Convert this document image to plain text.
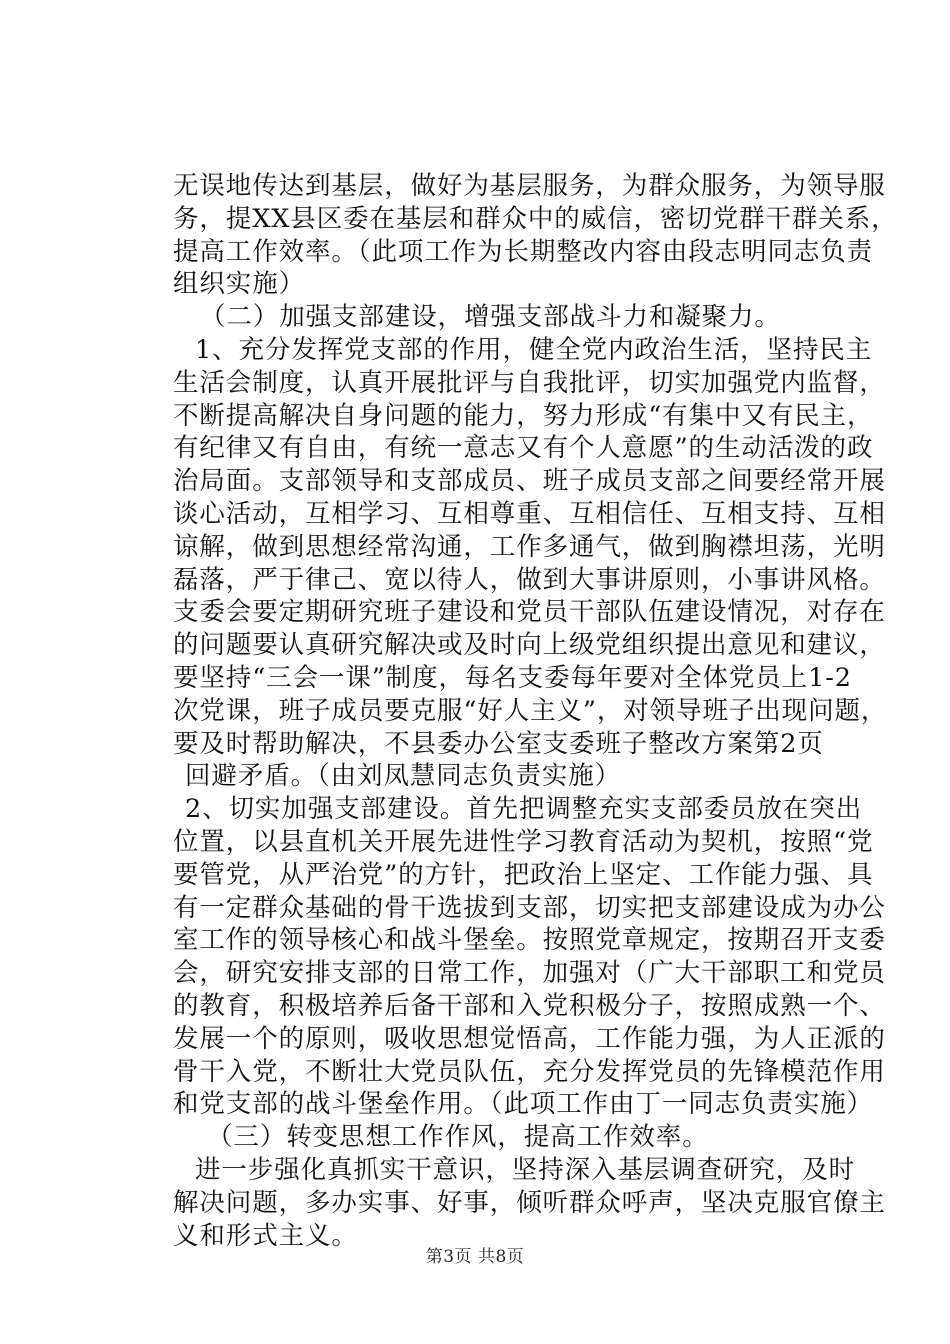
无误地传达到基层，做好为基层服务，为群众服务，为领导服
务，提XX县区委在基层和群众中的威信，密切党群干群关系，
提高工作效率。（此项工作为长期整改内容由段志明同志负责
组织实施）
（二）加强支部建设，增强支部战斗力和凝聚力。
1、充分发挥党支部的作用，健全党内政治生活，坚持民主
生活会制度，认真开展批评与自我批评，切实加强党内监督，
不断提高解决自身问题的能力，努力形成“有集中又有民主，
有纪律又有自由，有统一意志又有个人意愿”的生动活泼的政
治局面。支部领导和支部成员、班子成员支部之间要经常开展
谈心活动，互相学习、互相尊重、互相信任、互相支持、互相
谅解，做到思想经常沟通，工作多通气，做到胸襟坦荡，光明
磊落，严于律己、宽以待人，做到大事讲原则，小事讲风格。
支委会要定期研究班子建设和党员干部队伍建设情况，对存在
的问题要认真研究解决或及时向上级党组织提出意见和建议，
要坚持“三会一课”制度，每名支委每年要对全体党员上1-2
次党课，班子成员要克服“好人主义”，对领导班子出现问题，
要及时帮助解决，不县委办公室支委班子整改方案第2页
回避矛盾。（由刘凤慧同志负责实施）
2、切实加强支部建设。首先把调整充实支部委员放在突出
位置，以县直机关开展先进性学习教育活动为契机，按照“党
要管党，从严治党”的方针，把政治上坚定、工作能力强、具
有一定群众基础的骨干选拔到支部，切实把支部建设成为办公
室工作的领导核心和战斗堡垒。按照党章规定，按期召开支委
会，研究安排支部的日常工作，加强对（广大干部职工和党员
的教育，积极培养后备干部和入党积极分子，按照成熟一个、
发展一个的原则，吸收思想觉悟高，工作能力强，为人正派的
骨干入党，不断壮大党员队伍，充分发挥党员的先锋模范作用
和党支部的战斗堡垒作用。（此项工作由丁一同志负责实施）
（三）转变思想工作作风，提高工作效率。
进一步强化真抓实干意识，坚持深入基层调查研究，及时
解决问题，多办实事、好事，倾听群众呼声，坚决克服官僚主
义和形式主义。
第3页 共8页
